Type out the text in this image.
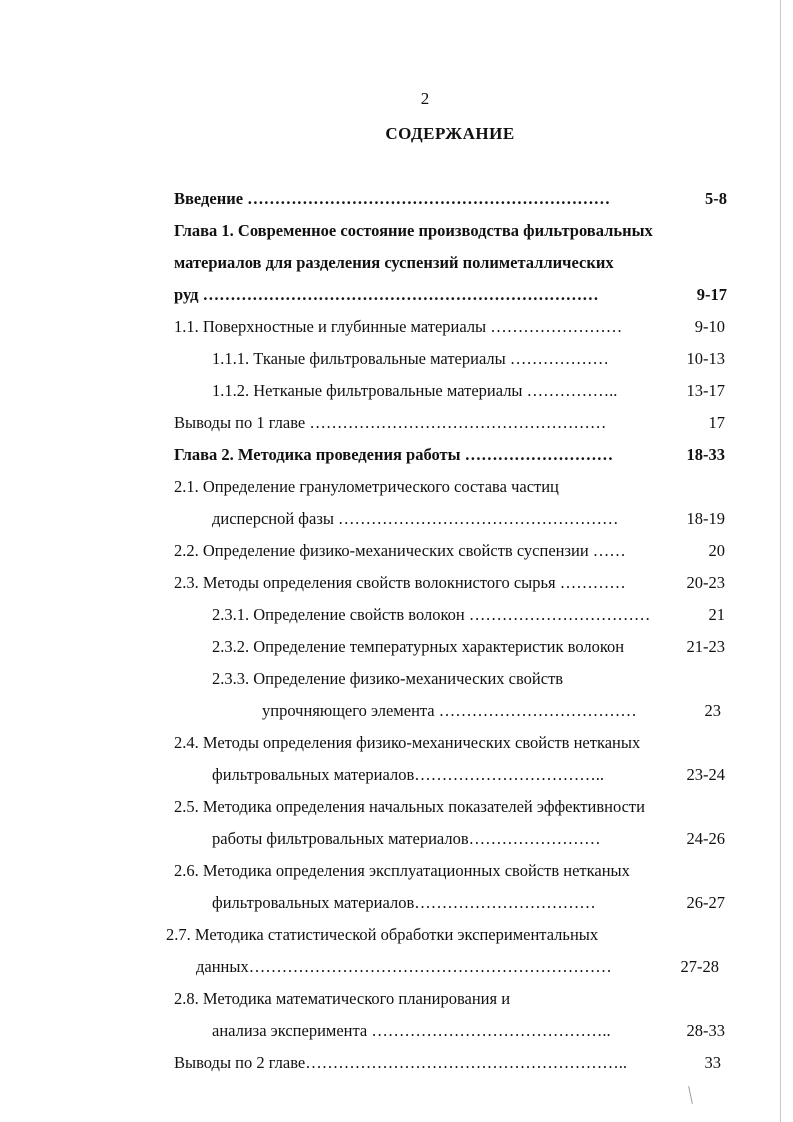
2
СОДЕРЖАНИЕ
Введение …………………………………………………………	5-8
Глава 1. Современное состояние производства фильтровальных
материалов для разделения суспензий полиметаллических
руд ………………………………………………………………	9-17
1.1. Поверхностные и глубинные материалы ……………………	9-10
1.1.1. Тканые фильтровальные материалы ………………	10-13
1.1.2. Нетканые фильтровальные материалы ……………..	13-17
Выводы по 1 главе ………………………………………………	17
Глава 2. Методика проведения работы ………………………	18-33
2.1. Определение гранулометрического состава частиц
дисперсной фазы ……………………………………………	18-19
2.2. Определение физико-механических свойств суспензии ……	20
2.3. Методы определения свойств волокнистого сырья …………	20-23
2.3.1. Определение свойств волокон ……………………………	21
2.3.2. Определение температурных характеристик волокон	21-23
2.3.3. Определение физико-механических свойств
упрочняющего элемента ………………………………	23
2.4. Методы определения физико-механических свойств нетканых
фильтровальных материалов……………………………..	23-24
2.5. Методика определения начальных показателей эффективности
работы фильтровальных материалов……………………	24-26
2.6. Методика определения эксплуатационных свойств нетканых
фильтровальных материалов……………………………	26-27
2.7. Методика статистической обработки экспериментальных
данных…………………………………………………………	27-28
2.8. Методика математического планирования и
анализа эксперимента ……………………………………..	28-33
Выводы по 2 главе…………………………………………………..	33
